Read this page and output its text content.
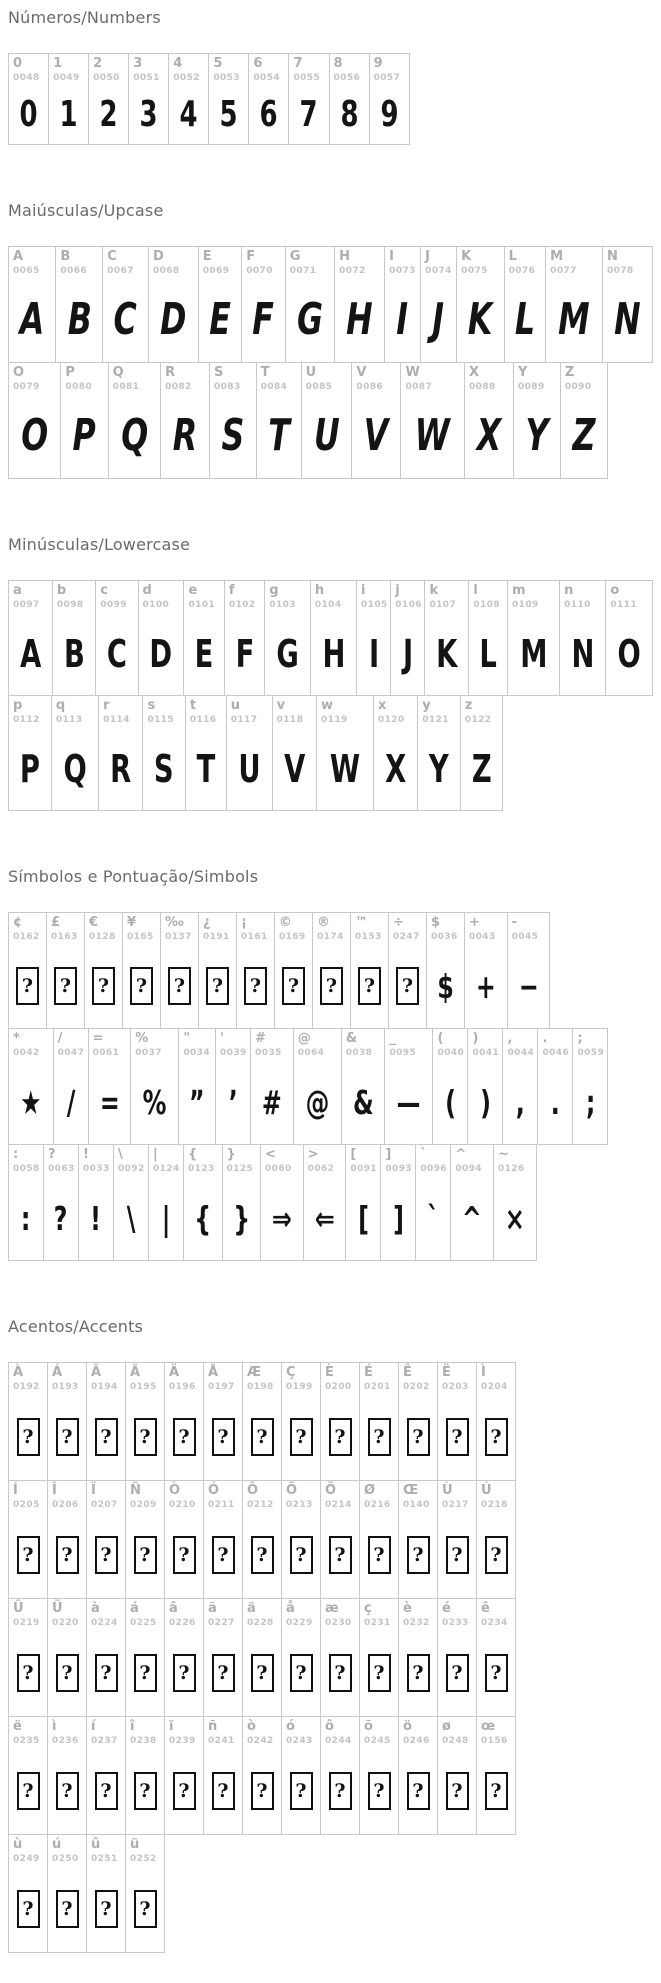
Números/Numbers
0
0048
0
1
0049
1
2
0050
2
3
0051
3
4
0052
4
5
0053
5
6
0054
6
7
0055
7
8
0056
8
9
0057
9
Maiúsculas/Upcase
A
0065
A
B
0066
B
C
0067
C
D
0068
D
E
0069
E
F
0070
F
G
0071
G
H
0072
H
I
0073
I
J
0074
J
K
0075
K
L
0076
L
M
0077
M
N
0078
N
O
0079
O
P
0080
P
Q
0081
Q
R
0082
R
S
0083
S
T
0084
T
U
0085
U
V
0086
V
W
0087
W
X
0088
X
Y
0089
Y
Z
0090
Z
Minúsculas/Lowercase
a
0097
A
b
0098
B
c
0099
C
d
0100
D
e
0101
E
f
0102
F
g
0103
G
h
0104
H
i
0105
I
j
0106
J
k
0107
K
l
0108
L
m
0109
M
n
0110
N
o
0111
O
p
0112
P
q
0113
Q
r
0114
R
s
0115
S
t
0116
T
u
0117
U
v
0118
V
w
0119
W
x
0120
X
y
0121
Y
z
0122
Z
Símbolos e Pontuação/Simbols
¢
0162
?
£
0163
?
€
0128
?
¥
0165
?
‰
0137
?
¿
0191
?
¡
0161
?
©
0169
?
®
0174
?
™
0153
?
÷
0247
?
$
0036
$
+
0043
+
-
0045
−
*
0042
★
/
0047
/
=
0061
=
%
0037
%
"
0034
”
'
0039
’
#
0035
#
@
0064
@
&
0038
&
_
0095
—
(
0040
(
)
0041
)
,
0044
,
.
0046
.
;
0059
;
:
0058
:
?
0063
?
!
0033
!
\
0092
\
|
0124
|
{
0123
{
}
0125
}
<
0060
⇒
>
0062
⇐
[
0091
[
]
0093
]
`
0096
`
^
0094
^
~
0126
×
Acentos/Accents
À
0192
?
Á
0193
?
Â
0194
?
Ã
0195
?
Ä
0196
?
Å
0197
?
Æ
0198
?
Ç
0199
?
È
0200
?
É
0201
?
Ê
0202
?
Ë
0203
?
Ì
0204
?
Í
0205
?
Î
0206
?
Ï
0207
?
Ñ
0209
?
Ò
0210
?
Ó
0211
?
Ô
0212
?
Õ
0213
?
Ö
0214
?
Ø
0216
?
Œ
0140
?
Ù
0217
?
Ú
0218
?
Û
0219
?
Ü
0220
?
à
0224
?
á
0225
?
â
0226
?
ã
0227
?
ä
0228
?
å
0229
?
æ
0230
?
ç
0231
?
è
0232
?
é
0233
?
ê
0234
?
ë
0235
?
ì
0236
?
í
0237
?
î
0238
?
ï
0239
?
ñ
0241
?
ò
0242
?
ó
0243
?
ô
0244
?
õ
0245
?
ö
0246
?
ø
0248
?
œ
0156
?
ù
0249
?
ú
0250
?
û
0251
?
ü
0252
?
